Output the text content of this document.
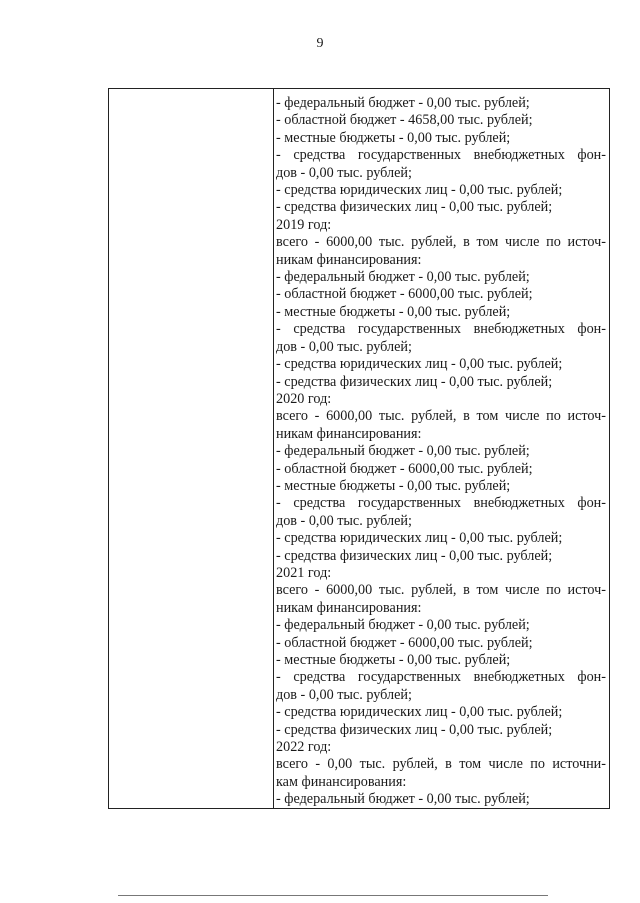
9
- федеральный бюджет - 0,00 тыс. рублей;
- областной бюджет - 4658,00 тыс. рублей;
- местные бюджеты - 0,00 тыс. рублей;
- средства государственных внебюджетных фон-
дов - 0,00 тыс. рублей;
- средства юридических лиц - 0,00 тыс. рублей;
- средства физических лиц - 0,00 тыс. рублей;
2019 год:
всего - 6000,00 тыс. рублей, в том числе по источ-
никам финансирования:
- федеральный бюджет - 0,00 тыс. рублей;
- областной бюджет - 6000,00 тыс. рублей;
- местные бюджеты - 0,00 тыс. рублей;
- средства государственных внебюджетных фон-
дов - 0,00 тыс. рублей;
- средства юридических лиц - 0,00 тыс. рублей;
- средства физических лиц - 0,00 тыс. рублей;
2020 год:
всего - 6000,00 тыс. рублей, в том числе по источ-
никам финансирования:
- федеральный бюджет - 0,00 тыс. рублей;
- областной бюджет - 6000,00 тыс. рублей;
- местные бюджеты - 0,00 тыс. рублей;
- средства государственных внебюджетных фон-
дов - 0,00 тыс. рублей;
- средства юридических лиц - 0,00 тыс. рублей;
- средства физических лиц - 0,00 тыс. рублей;
2021 год:
всего - 6000,00 тыс. рублей, в том числе по источ-
никам финансирования:
- федеральный бюджет - 0,00 тыс. рублей;
- областной бюджет - 6000,00 тыс. рублей;
- местные бюджеты - 0,00 тыс. рублей;
- средства государственных внебюджетных фон-
дов - 0,00 тыс. рублей;
- средства юридических лиц - 0,00 тыс. рублей;
- средства физических лиц - 0,00 тыс. рублей;
2022 год:
всего - 0,00 тыс. рублей, в том числе по источни-
кам финансирования:
- федеральный бюджет - 0,00 тыс. рублей;
